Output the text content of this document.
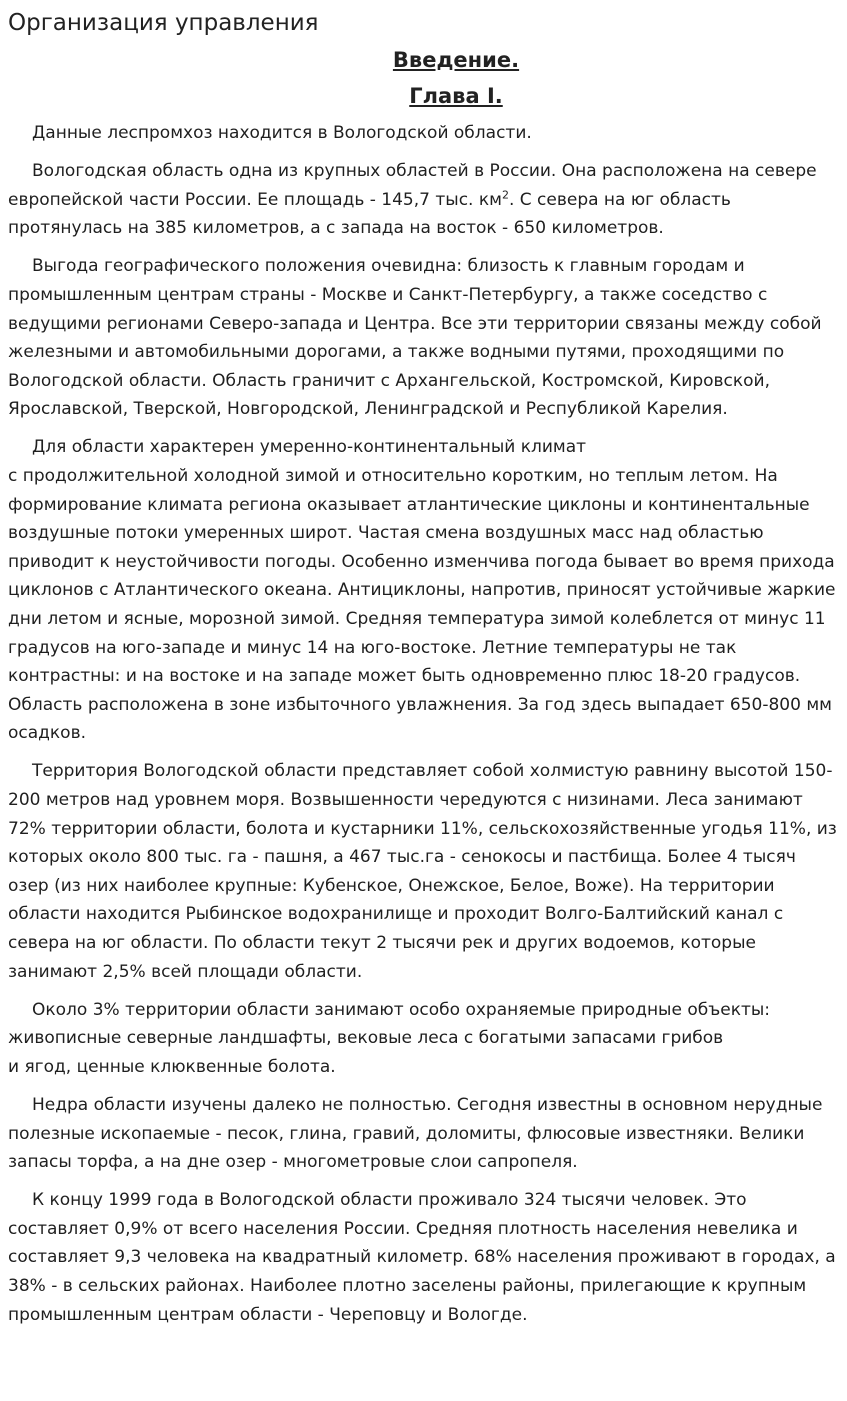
Организация управления
Введение.
Глава I.

Данные леспромхоз находится в Вологодской области.

Вологодская область одна из крупных областей в России. Она расположена на севере европейской части России. Ее площадь - 145,7 тыс. $км^2$. С севера на юг область протянулась на 385 километров, а с запада на восток - 650 километров.

Выгода географического положения очевидна: близость к главным городам и промышленным центрам страны - Москве и Санкт-Петербургу, а также соседство с ведущими регионами Северо-запада и Центра. Все эти территории связаны между собой железными и автомобильными дорогами, а также водными путями, проходящими по Вологодской области. Область граничит с Архангельской, Костромской, Кировской, Ярославской, Тверской, Новгородской, Ленинградской и Республикой Карелия.

Для области характерен умеренно-континентальный климат
с продолжительной холодной зимой и относительно коротким, но теплым летом. На формирование климата региона оказывает атлантические циклоны и континентальные воздушные потоки умеренных широт. Частая смена воздушных масс над областью приводит к неустойчивости погоды. Особенно изменчива погода бывает во время прихода циклонов с Атлантического океана. Антициклоны, напротив, приносят устойчивые жаркие дни летом и ясные, морозной зимой. Средняя температура зимой колеблется от минус 11 градусов на юго-западе и минус 14 на юго-востоке. Летние температуры не так контрастны: и на востоке и на западе может быть одновременно плюс 18-20 градусов. Область расположена в зоне избыточного увлажнения. За год здесь выпадает 650-800 мм осадков.

Территория Вологодской области представляет собой холмистую равнину высотой 150-200 метров над уровнем моря. Возвышенности чередуются с низинами. Леса занимают 72% территории области, болота и кустарники 11%, сельскохозяйственные угодья 11%, из которых около 800 тыс. га - пашня, а 467 тыс.га - сенокосы и пастбища. Более 4 тысяч озер (из них наиболее крупные: Кубенское, Онежское, Белое, Воже). На территории области находится Рыбинское водохранилище и проходит Волго-Балтийский канал с севера на юг области. По области текут 2 тысячи рек и других водоемов, которые занимают 2,5% всей площади области.

Около 3% территории области занимают особо охраняемые природные объекты: живописные северные ландшафты, вековые леса с богатыми запасами грибов
и ягод, ценные клюквенные болота.

Недра области изучены далеко не полностью. Сегодня известны в основном нерудные полезные ископаемые - песок, глина, гравий, доломиты, флюсовые известняки. Велики запасы торфа, а на дне озер - многометровые слои сапропеля.

К концу 1999 года в Вологодской области проживало 324 тысячи человек. Это составляет 0,9% от всего населения России. Средняя плотность населения невелика и составляет 9,3 человека на квадратный километр. 68% населения проживают в городах, а 38% - в сельских районах. Наиболее плотно заселены районы, прилегающие к крупным промышленным центрам области - Череповцу и Вологде.
